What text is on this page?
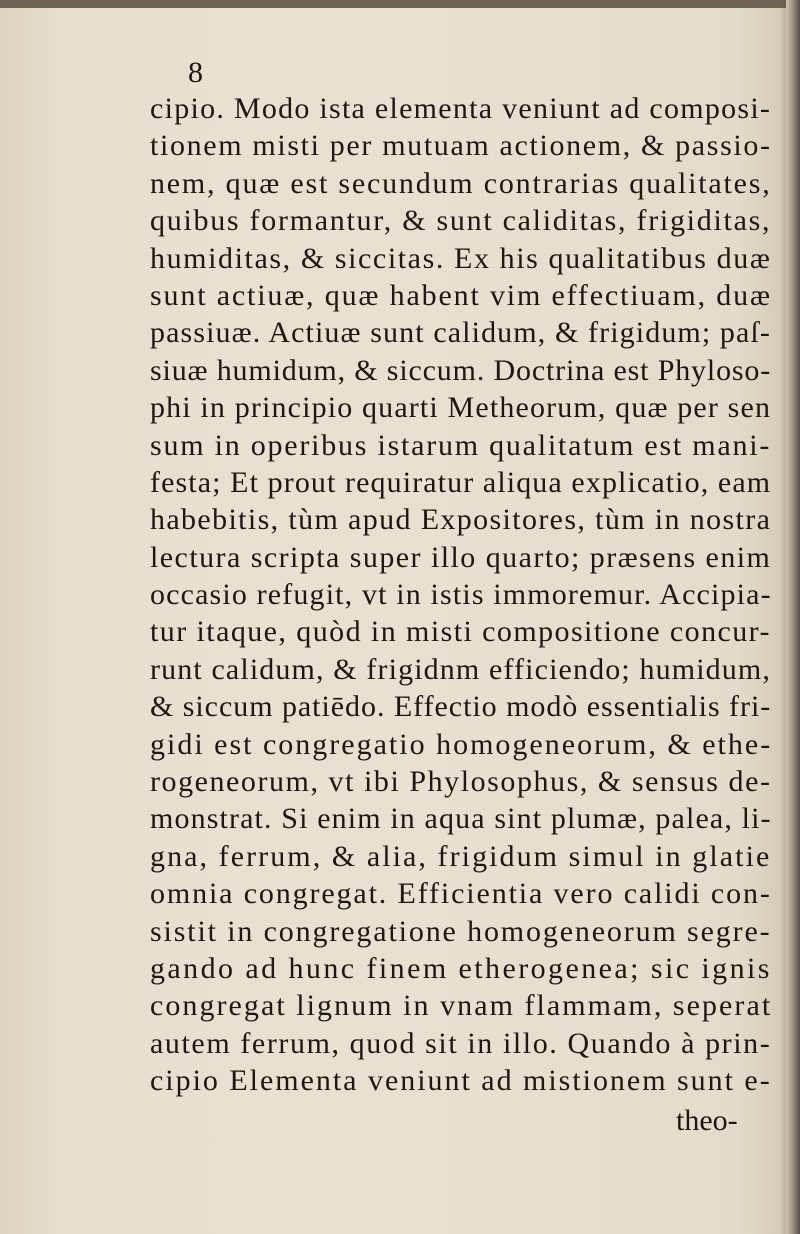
8
cipio. Modo ista elementa veniunt ad composi-
tionem misti per mutuam actionem, & passio-
nem, quæ est secundum contrarias qualitates,
quibus formantur, & sunt caliditas, frigiditas,
humiditas, & siccitas. Ex his qualitatibus duæ
sunt actiuæ, quæ habent vim effectiuam, duæ
passiuæ. Actiuæ sunt calidum, & frigidum; paſ-
siuæ humidum, & siccum. Doctrina est Phyloso-
phi in principio quarti Metheorum, quæ per sen
sum in operibus istarum qualitatum est mani-
festa; Et prout requiratur aliqua explicatio, eam
habebitis, tùm apud Expositores, tùm in nostra
lectura scripta super illo quarto; præsens enim
occasio refugit, vt in istis immoremur. Accipia-
tur itaque, quòd in misti compositione concur-
runt calidum, & frigidnm efficiendo; humidum,
& siccum patiēdo. Effectio modò essentialis fri-
gidi est congregatio homogeneorum, & ethe-
rogeneorum, vt ibi Phylosophus, & sensus de-
monstrat. Si enim in aqua sint plumæ, palea, li-
gna, ferrum, & alia, frigidum simul in glatie
omnia congregat. Efficientia vero calidi con-
sistit in congregatione homogeneorum segre-
gando ad hunc finem etherogenea; sic ignis
congregat lignum in vnam flammam, seperat
autem ferrum, quod sit in illo. Quando à prin-
cipio Elementa veniunt ad mistionem sunt e-
theo-
